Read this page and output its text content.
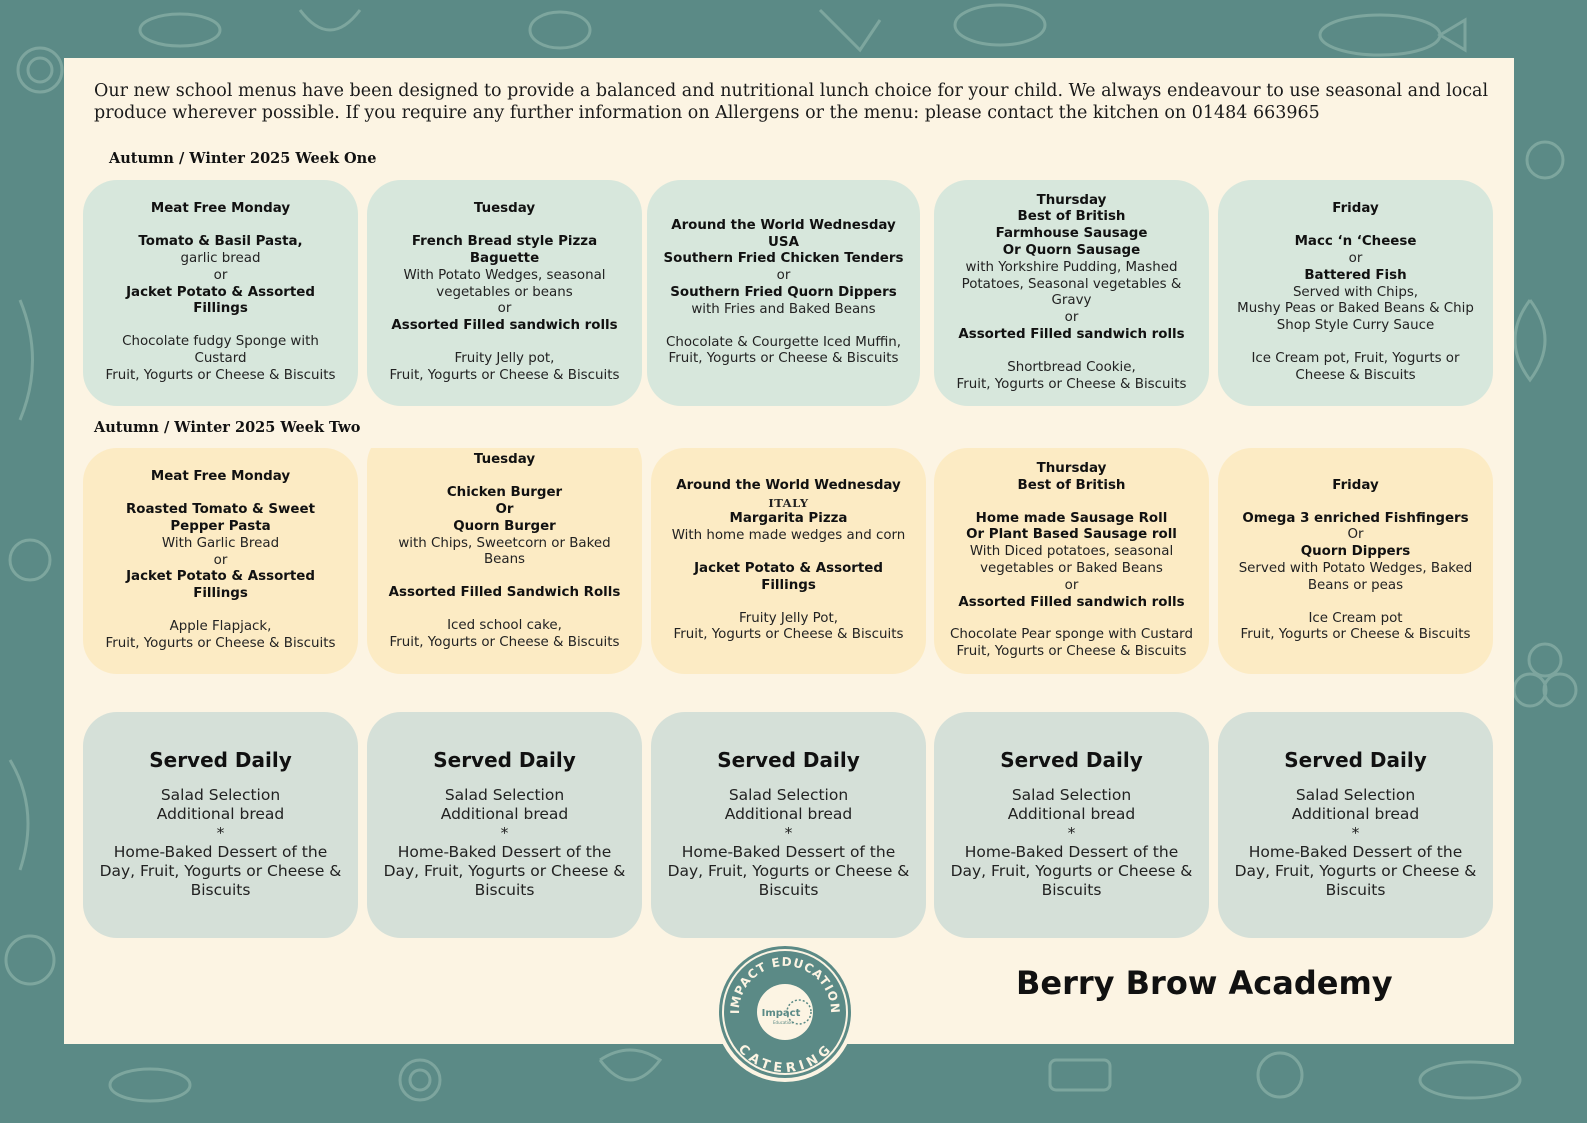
Our new school menus have been designed to provide a balanced and nutritional lunch choice for your child. We always endeavour to use seasonal and local produce wherever possible. If you require any further information on Allergens or the menu: please contact the kitchen on 01484 663965

Autumn / Winter 2025 Week One
Autumn / Winter 2025 Week Two
Meat Free Monday
Tomato & Basil Pasta,
garlic bread
or
Jacket Potato & Assorted Fillings
Chocolate fudgy Sponge with Custard
Fruit, Yogurts or Cheese & Biscuits
Tuesday
French Bread style Pizza Baguette
With Potato Wedges, seasonal vegetables or beans
or
Assorted Filled sandwich rolls
Fruity Jelly pot,
Fruit, Yogurts or Cheese & Biscuits
Around the World Wednesday
USA
Southern Fried Chicken Tenders
or
Southern Fried Quorn Dippers
with Fries and Baked Beans
Chocolate & Courgette Iced Muffin,
Fruit, Yogurts or Cheese & Biscuits
Thursday
Best of British
Farmhouse Sausage
Or Quorn Sausage
with Yorkshire Pudding, Mashed Potatoes, Seasonal vegetables & Gravy
or
Assorted Filled sandwich rolls
Shortbread Cookie,
Fruit, Yogurts or Cheese & Biscuits
Friday
Macc ‘n ‘Cheese
or
Battered Fish
Served with Chips,
Mushy Peas or Baked Beans & Chip Shop Style Curry Sauce
Ice Cream pot, Fruit, Yogurts or Cheese & Biscuits
Meat Free Monday
Roasted Tomato & Sweet Pepper Pasta
With Garlic Bread
or
Jacket Potato & Assorted Fillings
Apple Flapjack,
Fruit, Yogurts or Cheese & Biscuits
Tuesday
Chicken Burger
Or
Quorn Burger
with Chips, Sweetcorn or Baked Beans
Assorted Filled Sandwich Rolls
Iced school cake,
Fruit, Yogurts or Cheese & Biscuits
Around the World Wednesday
ITALY
Margarita Pizza
With home made wedges and corn
Jacket Potato & Assorted Fillings
Fruity Jelly Pot,
Fruit, Yogurts or Cheese & Biscuits
Thursday
Best of British
Home made Sausage Roll
Or Plant Based Sausage roll
With Diced potatoes, seasonal vegetables or Baked Beans
or
Assorted Filled sandwich rolls
Chocolate Pear sponge with Custard
Fruit, Yogurts or Cheese & Biscuits
Friday
Omega 3 enriched Fishfingers
Or
Quorn Dippers
Served with Potato Wedges, Baked Beans or peas
Ice Cream pot
Fruit, Yogurts or Cheese & Biscuits
Served Daily
Salad Selection
Additional bread
*
Home-Baked Dessert of the Day, Fruit, Yogurts or Cheese & Biscuits
Served Daily
Salad Selection
Additional bread
*
Home-Baked Dessert of the Day, Fruit, Yogurts or Cheese & Biscuits
Served Daily
Salad Selection
Additional bread
*
Home-Baked Dessert of the Day, Fruit, Yogurts or Cheese & Biscuits
Served Daily
Salad Selection
Additional bread
*
Home-Baked Dessert of the Day, Fruit, Yogurts or Cheese & Biscuits
Served Daily
Salad Selection
Additional bread
*
Home-Baked Dessert of the Day, Fruit, Yogurts or Cheese & Biscuits
IMPACT EDUCATION
CATERING
Impact
Education
Berry Brow Academy
